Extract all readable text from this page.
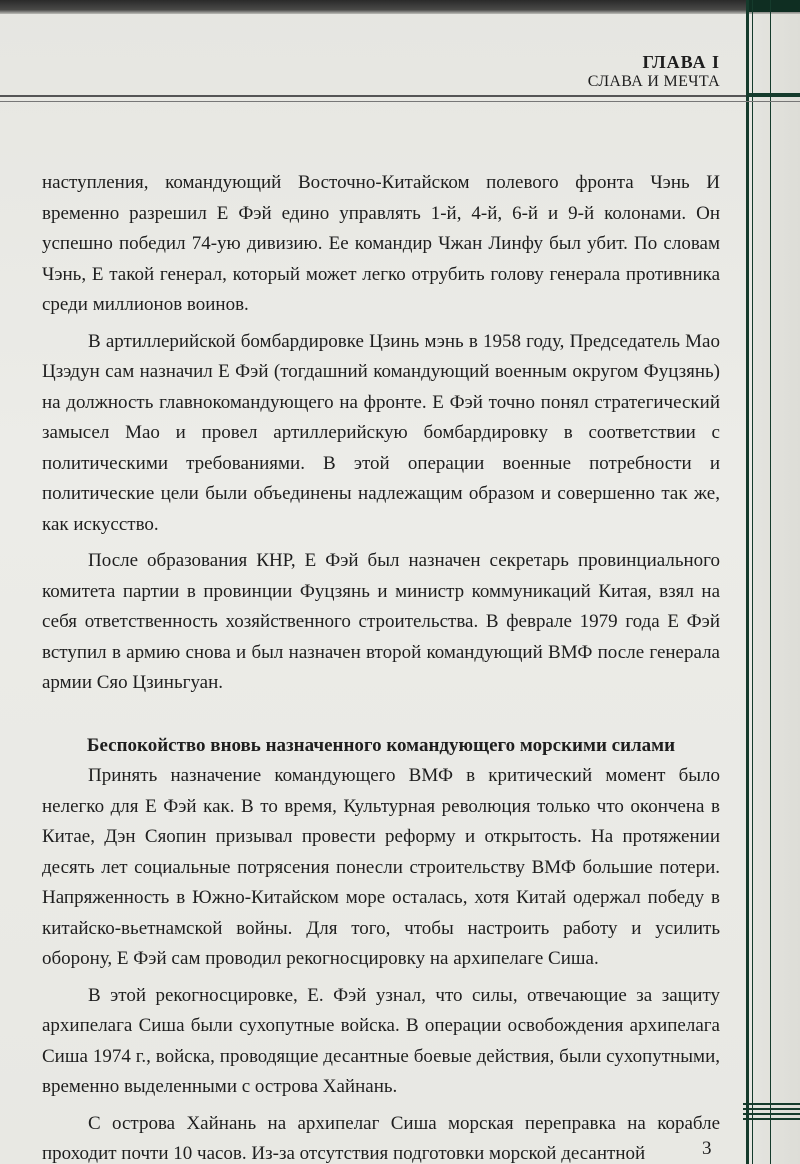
ГЛАВА I
СЛАВА И МЕЧТА

наступления, командующий Восточно-Китайском полевого фронта Чэнь И временно разрешил Е Фэй едино управлять 1-й, 4-й, 6-й и 9-й колонами. Он успешно победил 74-ую дивизию. Ее командир Чжан Линфу был убит. По словам Чэнь, Е такой генерал, который может легко отрубить голову генерала противника среди миллионов воинов.

В артиллерийской бомбардировке Цзинь мэнь в 1958 году, Председатель Мао Цзэдун сам назначил Е Фэй (тогдашний командующий военным округом Фуцзянь) на должность главнокомандующего на фронте. Е Фэй точно понял стратегический замысел Мао и провел артиллерийскую бомбардировку в соответствии с политическими требованиями. В этой операции военные потребности и политические цели были объединены надлежащим образом и совершенно так же, как искусство.

После образования КНР, Е Фэй был назначен секретарь провинциального комитета партии в провинции Фуцзянь и министр коммуникаций Китая, взял на себя ответственность хозяйственного строительства. В феврале 1979 года Е Фэй вступил в армию снова и был назначен второй командующий ВМФ после генерала армии Сяо Цзиньгуан.

Беспокойство вновь назначенного командующего морскими силами

Принять назначение командующего ВМФ в критический момент было нелегко для Е Фэй как. В то время, Культурная революция только что окончена в Китае, Дэн Сяопин призывал провести реформу и открытость. На протяжении десять лет социальные потрясения понесли строительству ВМФ большие потери. Напряженность в Южно-Китайском море осталась, хотя Китай одержал победу в китайско-вьетнамской войны. Для того, чтобы настроить работу и усилить оборону, Е Фэй сам проводил рекогносцировку на архипелаге Сиша.

В этой рекогносцировке, Е. Фэй узнал, что силы, отвечающие за защиту архипелага Сиша были сухопутные войска. В операции освобождения архипелага Сиша 1974 г., войска, проводящие десантные боевые действия, были сухопутными, временно выделенными с острова Хайнань.

С острова Хайнань на архипелаг Сиша морская переправка на корабле проходит почти 10 часов. Из-за отсутствия подготовки морской десантной	3
